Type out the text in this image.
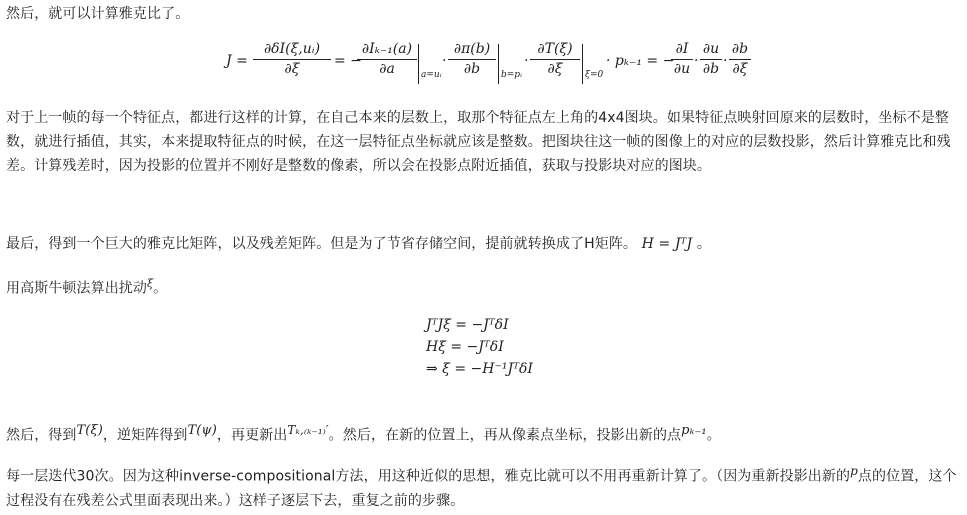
然后，就可以计算雅克比了。
J =
∂δI(ξ,uᵢ)
∂ξ	= −
∂Iₖ₋₁(a)
∂a	a=uᵢ
·
∂π(b)
∂b	b=pᵢ
·
∂T(ξ)
∂ξ	ξ=0
· pₖ₋₁ = −
∂I
∂u ·
∂u
∂b ·
∂b
∂ξ
对于上一帧的每一个特征点，都进行这样的计算，在自己本来的层数上，取那个特征点左上角的4x4图块。如果特征点映射回原来的层数时，坐标不是整数，就进行插值，其实，本来提取特征点的时候，在这一层特征点坐标就应该是整数。把图块往这一帧的图像上的对应的层数投影，然后计算雅克比和残差。计算残差时，因为投影的位置并不刚好是整数的像素，所以会在投影点附近插值，获取与投影块对应的图块。
最后，得到一个巨大的雅克比矩阵，以及残差矩阵。但是为了节省存储空间，提前就转换成了H矩阵。 H = JᵀJ 。
用高斯牛顿法算出扰动$^\xi$。
JᵀJξ = −JᵀδI
Hξ = −JᵀδI
⇒ ξ = −H⁻¹JᵀδI
然后，得到$^{T(\xi)}$，逆矩阵得到$^{T(\psi)}$，再更新出$^{T_k,_{(k-1)}'}$。然后，在新的位置上，再从像素点坐标，投影出新的点$^{p_{k-1}}$。
每一层迭代30次。因为这种inverse-compositional方法，用这种近似的思想，雅克比就可以不用再重新计算了。（因为重新投影出新的$^p$点的位置，这个过程没有在残差公式里面表现出来。）这样子逐层下去，重复之前的步骤。
